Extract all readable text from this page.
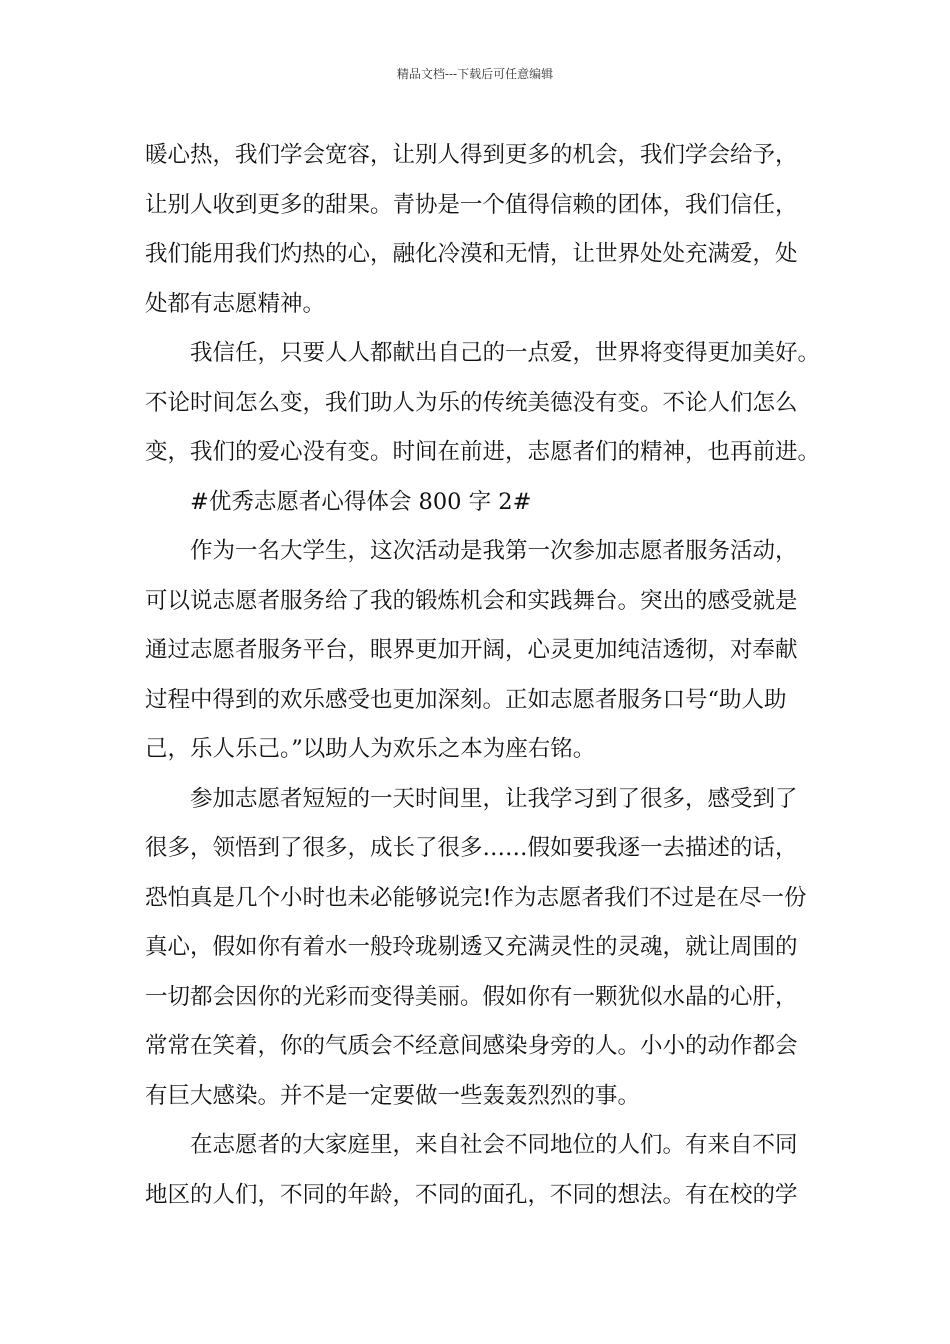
精品文档---下载后可任意编辑
暖心热，我们学会宽容，让别人得到更多的机会，我们学会给予，
让别人收到更多的甜果。青协是一个值得信赖的团体，我们信任，
我们能用我们灼热的心，融化冷漠和无情，让世界处处充满爱，处
处都有志愿精神。
我信任，只要人人都献出自己的一点爱，世界将变得更加美好。
不论时间怎么变，我们助人为乐的传统美德没有变。不论人们怎么
变，我们的爱心没有变。时间在前进，志愿者们的精神，也再前进。
#优秀志愿者心得体会 800 字 2#
作为一名大学生，这次活动是我第一次参加志愿者服务活动，
可以说志愿者服务给了我的锻炼机会和实践舞台。突出的感受就是
通过志愿者服务平台，眼界更加开阔，心灵更加纯洁透彻，对奉献
过程中得到的欢乐感受也更加深刻。正如志愿者服务口号“助人助
己，乐人乐己。”以助人为欢乐之本为座右铭。
参加志愿者短短的一天时间里，让我学习到了很多，感受到了
很多，领悟到了很多，成长了很多……假如要我逐一去描述的话，
恐怕真是几个小时也未必能够说完!作为志愿者我们不过是在尽一份
真心，假如你有着水一般玲珑剔透又充满灵性的灵魂，就让周围的
一切都会因你的光彩而变得美丽。假如你有一颗犹似水晶的心肝，
常常在笑着，你的气质会不经意间感染身旁的人。小小的动作都会
有巨大感染。并不是一定要做一些轰轰烈烈的事。
在志愿者的大家庭里，来自社会不同地位的人们。有来自不同
地区的人们，不同的年龄，不同的面孔，不同的想法。有在校的学
